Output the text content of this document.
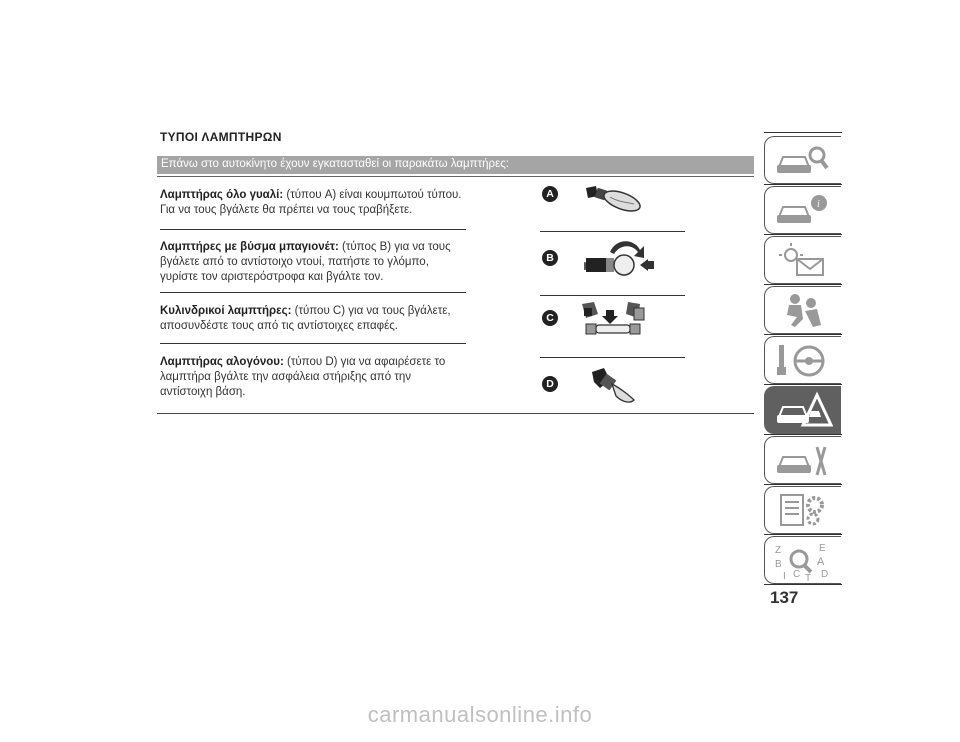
ΤΥΠΟΙ ΛΑΜΠΤΗΡΩΝ
Επάνω στο αυτοκίνητο έχουν εγκατασταθεί οι παρακάτω λαμπτήρες:
Λαμπτήρας όλο γυαλί: (τύπου A) είναι κουμπωτού τύπου. Για να τους βγάλετε θα πρέπει να τους τραβήξετε.
Λαμπτήρες με βύσμα μπαγιονέτ: (τύπος B) για να τους βγάλετε από το αντίστοιχο ντουί, πατήστε το γλόμπο, γυρίστε τον αριστερόστροφα και βγάλτε τον.
Κυλινδρικοί λαμπτήρες: (τύπου C) για να τους βγάλετε, αποσυνδέστε τους από τις αντίστοιχες επαφές.
Λαμπτήρας αλογόνου: (τύπου D) για να αφαιρέσετε το λαμπτήρα βγάλτε την ασφάλεια στήριξης από την αντίστοιχη βάση.
A
B
C
D
i
Z	E
B	A
I C D
T
137
carmanualsonline.info
